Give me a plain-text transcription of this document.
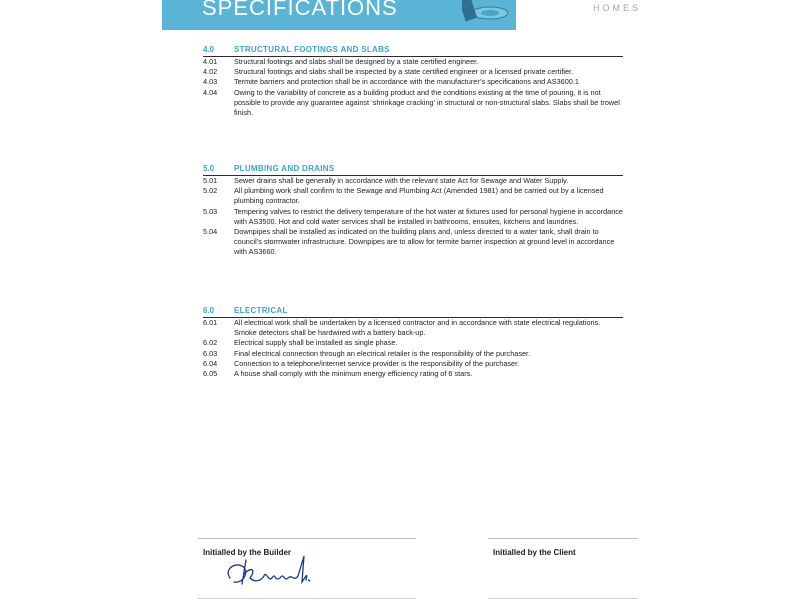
SPECIFICATIONS	HOMES
4.0 STRUCTURAL FOOTINGS AND SLABS
4.01 Structural footings and slabs shall be designed by a state certified engineer.
4.02 Structural footings and slabs shall be inspected by a state certified engineer or a licensed private certifier.
4.03 Termite barriers and protection shall be in accordance with the manufacturer’s specifications and AS3600.1
4.04 Owing to the variability of concrete as a building product and the conditions existing at the time of pouring, it is not possible to provide any guarantee against ‘shrinkage cracking’ in structural or non-structural slabs. Slabs shall be trowel finish.
5.0 PLUMBING AND DRAINS
5.01 Sewer drains shall be generally in accordance with the relevant state Act for Sewage and Water Supply.
5.02 All plumbing work shall confirm to the Sewage and Plumbing Act (Amended 1981) and be carried out by a licensed plumbing contractor.
5.03 Tempering valves to restrict the delivery temperature of the hot water at fixtures used for personal hygiene in accordance with AS3500. Hot and cold water services shall be installed in bathrooms, ensuites, kitchens and laundries.
5.04 Downpipes shall be installed as indicated on the building plans and, unless directed to a water tank, shall drain to council’s stormwater infrastructure. Downpipes are to allow for termite barrier inspection at ground level in accordance with AS3660.
6.0 ELECTRICAL
6.01 All electrical work shall be undertaken by a licensed contractor and in accordance with state electrical regulations. Smoke detectors shall be hardwired with a battery back-up.
6.02 Electrical supply shall be installed as single phase.
6.03 Final electrical connection through an electrical retailer is the responsibility of the purchaser.
6.04 Connection to a telephone/internet service provider is the responsibility of the purchaser.
6.05 A house shall comply with the minimum energy efficiency rating of 6 stars.
Initialled by the Builder	Initialled by the Client
